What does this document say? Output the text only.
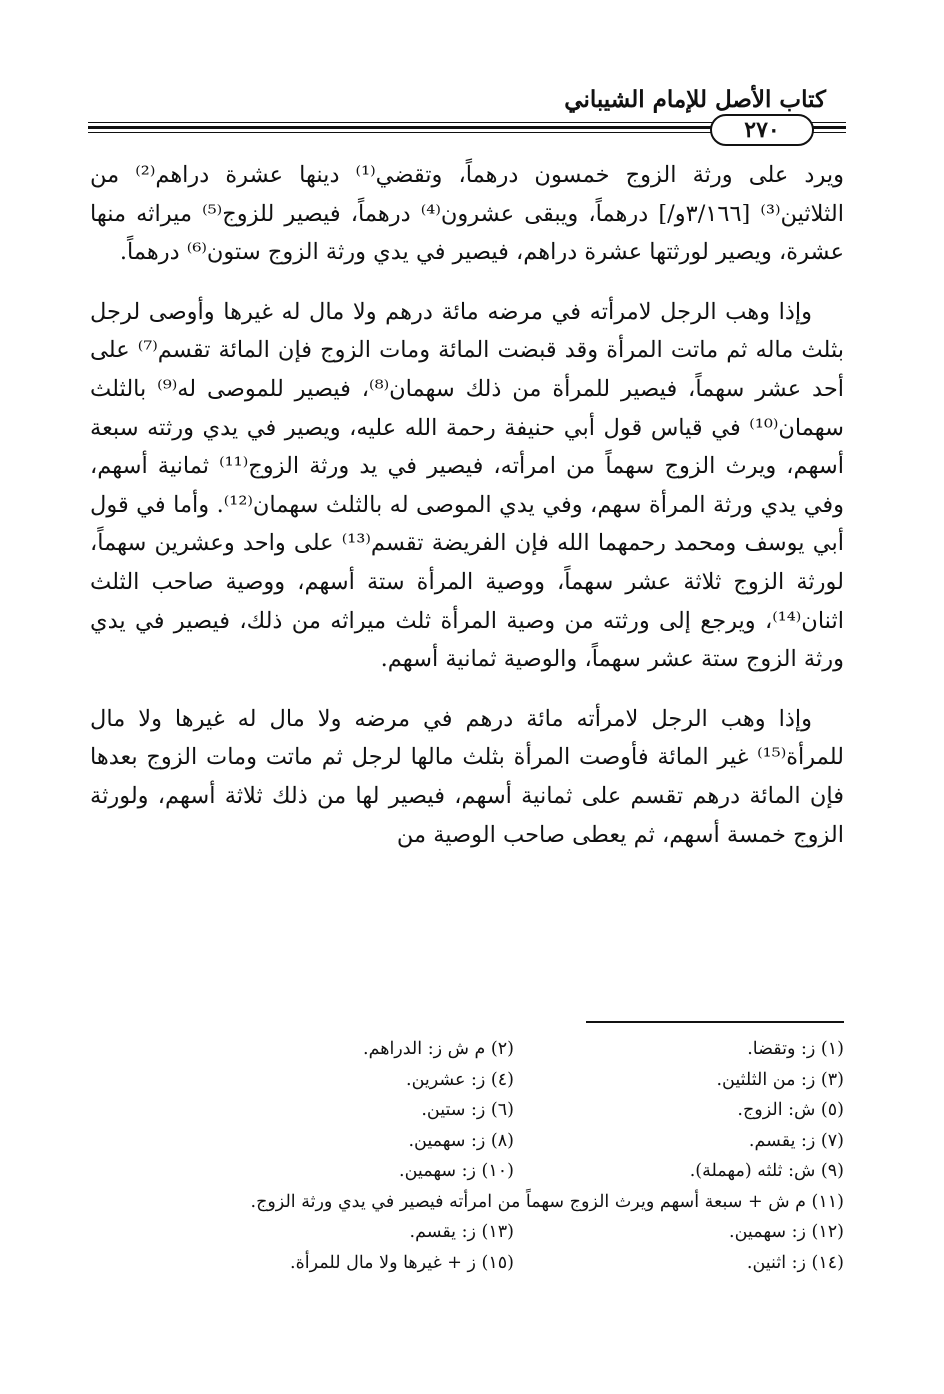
كتاب الأصل للإمام الشيباني
٢٧٠

ويرد على ورثة الزوج خمسون درهماً، وتقضي⁽¹⁾ دينها عشرة دراهم⁽²⁾ من الثلاثين⁽³⁾ [٣/١٦٦و/] درهماً، ويبقى عشرون⁽⁴⁾ درهماً، فيصير للزوج⁽⁵⁾ ميراثه منها عشرة، ويصير لورثتها عشرة دراهم، فيصير في يدي ورثة الزوج ستون⁽⁶⁾ درهماً.

وإذا وهب الرجل لامرأته في مرضه مائة درهم ولا مال له غيرها وأوصى لرجل بثلث ماله ثم ماتت المرأة وقد قبضت المائة ومات الزوج فإن المائة تقسم⁽⁷⁾ على أحد عشر سهماً، فيصير للمرأة من ذلك سهمان⁽⁸⁾، فيصير للموصى له⁽⁹⁾ بالثلث سهمان⁽¹⁰⁾ في قياس قول أبي حنيفة رحمة الله عليه، ويصير في يدي ورثته سبعة أسهم، ويرث الزوج سهماً من امرأته، فيصير في يد ورثة الزوج⁽¹¹⁾ ثمانية أسهم، وفي يدي ورثة المرأة سهم، وفي يدي الموصى له بالثلث سهمان⁽¹²⁾. وأما في قول أبي يوسف ومحمد رحمهما الله فإن الفريضة تقسم⁽¹³⁾ على واحد وعشرين سهماً، لورثة الزوج ثلاثة عشر سهماً، ووصية المرأة ستة أسهم، ووصية صاحب الثلث اثنان⁽¹⁴⁾، ويرجع إلى ورثته من وصية المرأة ثلث ميراثه من ذلك، فيصير في يدي ورثة الزوج ستة عشر سهماً، والوصية ثمانية أسهم.

وإذا وهب الرجل لامرأته مائة درهم في مرضه ولا مال له غيرها ولا مال للمرأة⁽¹⁵⁾ غير المائة فأوصت المرأة بثلث مالها لرجل ثم ماتت ومات الزوج بعدها فإن المائة درهم تقسم على ثمانية أسهم، فيصير لها من ذلك ثلاثة أسهم، ولورثة الزوج خمسة أسهم، ثم يعطى صاحب الوصية من

(١) ز: وتقضا.
(٢) م ش ز: الدراهم.
(٣) ز: من الثلثين.
(٤) ز: عشرين.
(٥) ش: الزوج.
(٦) ز: ستين.
(٧) ز: يقسم.
(٨) ز: سهمين.
(٩) ش: ثلثه (مهملة).
(١٠) ز: سهمين.
(١١) م ش + سبعة أسهم ويرث الزوج سهماً من امرأته فيصير في يدي ورثة الزوج.
(١٢) ز: سهمين.
(١٣) ز: يقسم.
(١٤) ز: اثنين.
(١٥) ز + غيرها ولا مال للمرأة.
